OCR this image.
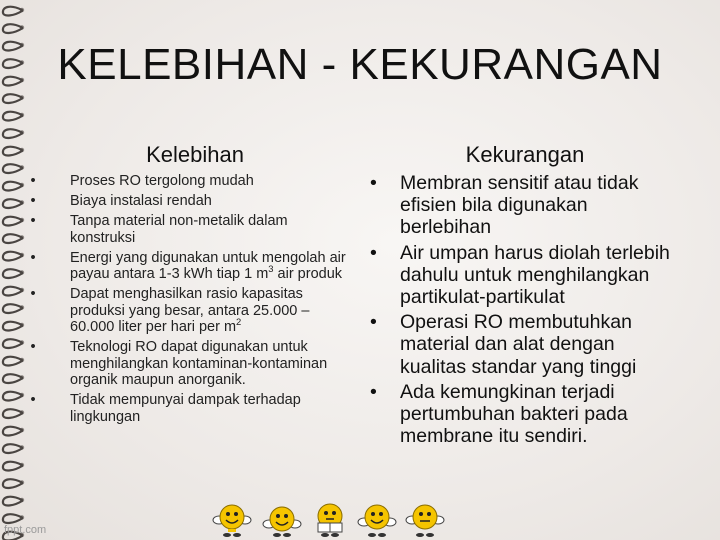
KELEBIHAN - KEKURANGAN
Kelebihan	Kekurangan
• Proses RO tergolong mudah
• Biaya instalasi rendah
• Tanpa material non-metalik dalam konstruksi
• Energi yang digunakan untuk mengolah air payau antara 1-3 kWh tiap 1 $m^3$ air produk
• Dapat menghasilkan rasio kapasitas produksi yang besar, antara 25.000 – 60.000 liter per hari per $m^2$
• Teknologi RO dapat digunakan untuk menghilangkan kontaminan-kontaminan organik maupun anorganik.
• Tidak mempunyai dampak terhadap lingkungan
• Membran sensitif atau tidak efisien bila digunakan berlebihan
• Air umpan harus diolah terlebih dahulu untuk menghilangkan partikulat-partikulat
• Operasi RO membutuhkan material dan alat dengan kualitas standar yang tinggi
• Ada kemungkinan terjadi pertumbuhan bakteri pada membrane itu sendiri.
fppt.com
